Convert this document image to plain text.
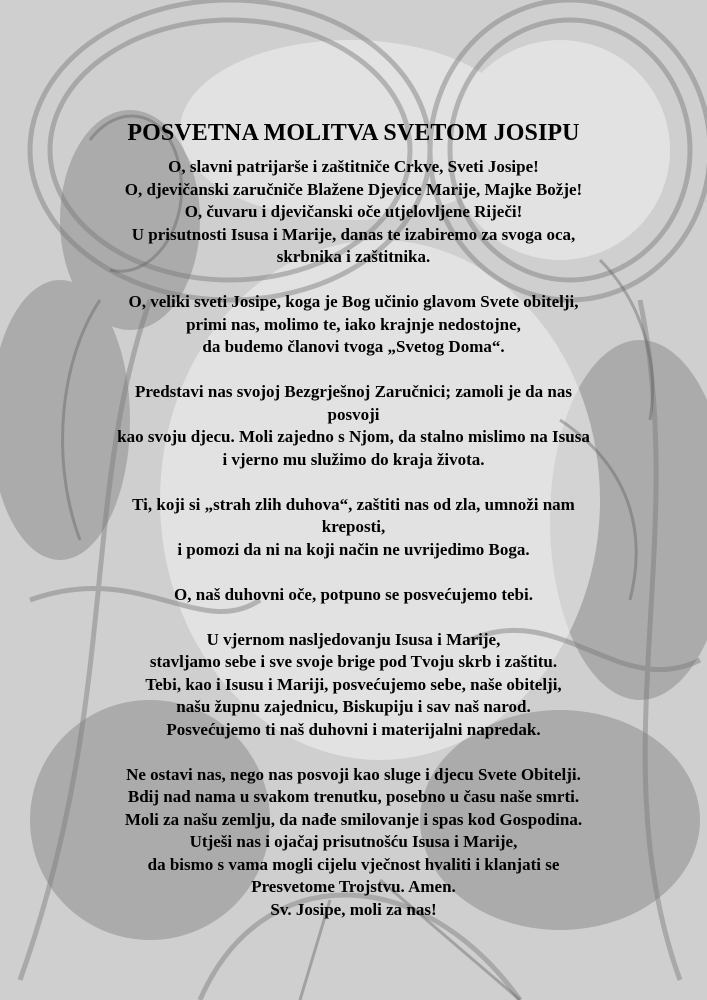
POSVETNA MOLITVA SVETOM JOSIPU

O, slavni patrijarše i zaštitniče Crkve, Sveti Josipe!
O, djevičanski zaručniče Blažene Djevice Marije, Majke Božje!
O, čuvaru i djevičanski oče utjelovljene Riječi!
U prisutnosti Isusa i Marije, danas te izabiremo za svoga oca,
skrbnika i zaštitnika.

O, veliki sveti Josipe, koga je Bog učinio glavom Svete obitelji,
primi nas, molimo te, iako krajnje nedostojne,
da budemo članovi tvoga „Svetog Doma“.

Predstavi nas svojoj Bezgrješnoj Zaručnici; zamoli je da nas
posvoji
kao svoju djecu. Moli zajedno s Njom, da stalno mislimo na Isusa
i vjerno mu služimo do kraja života.

Ti, koji si „strah zlih duhova“, zaštiti nas od zla, umnoži nam
kreposti,
i pomozi da ni na koji način ne uvrijedimo Boga.

O, naš duhovni oče, potpuno se posvećujemo tebi.

U vjernom nasljedovanju Isusa i Marije,
stavljamo sebe i sve svoje brige pod Tvoju skrb i zaštitu.
Tebi, kao i Isusu i Mariji, posvećujemo sebe, naše obitelji,
našu župnu zajednicu, Biskupiju i sav naš narod.
Posvećujemo ti naš duhovni i materijalni napredak.

Ne ostavi nas, nego nas posvoji kao sluge i djecu Svete Obitelji.
Bdij nad nama u svakom trenutku, posebno u času naše smrti.
Moli za našu zemlju, da nađe smilovanje i spas kod Gospodina.
Utješi nas i ojačaj prisutnošću Isusa i Marije,
da bismo s vama mogli cijelu vječnost hvaliti i klanjati se
Presvetome Trojstvu. Amen.
Sv. Josipe, moli za nas!
